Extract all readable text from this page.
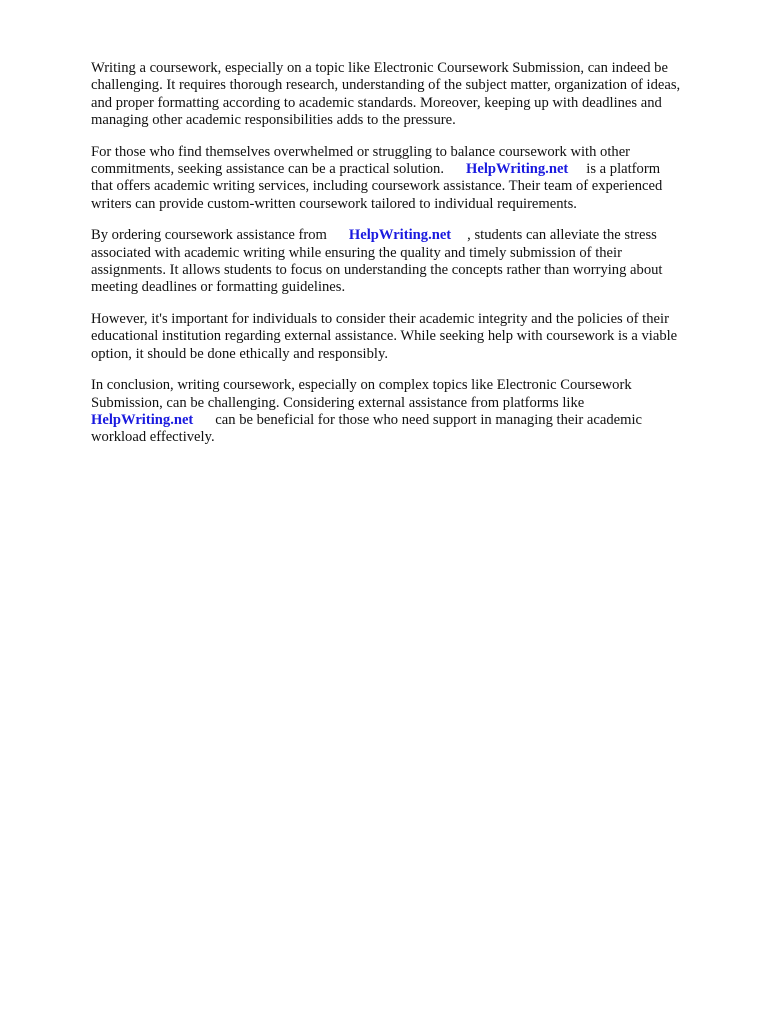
Writing a coursework, especially on a topic like Electronic Coursework Submission, can indeed be
challenging. It requires thorough research, understanding of the subject matter, organization of ideas,
and proper formatting according to academic standards. Moreover, keeping up with deadlines and
managing other academic responsibilities adds to the pressure.

For those who find themselves overwhelmed or struggling to balance coursework with other
commitments, seeking assistance can be a practical solution. HelpWriting.net is a platform
that offers academic writing services, including coursework assistance. Their team of experienced
writers can provide custom-written coursework tailored to individual requirements.

By ordering coursework assistance from HelpWriting.net , students can alleviate the stress
associated with academic writing while ensuring the quality and timely submission of their
assignments. It allows students to focus on understanding the concepts rather than worrying about
meeting deadlines or formatting guidelines.

However, it's important for individuals to consider their academic integrity and the policies of their
educational institution regarding external assistance. While seeking help with coursework is a viable
option, it should be done ethically and responsibly.

In conclusion, writing coursework, especially on complex topics like Electronic Coursework
Submission, can be challenging. Considering external assistance from platforms like
HelpWriting.net can be beneficial for those who need support in managing their academic
workload effectively.
